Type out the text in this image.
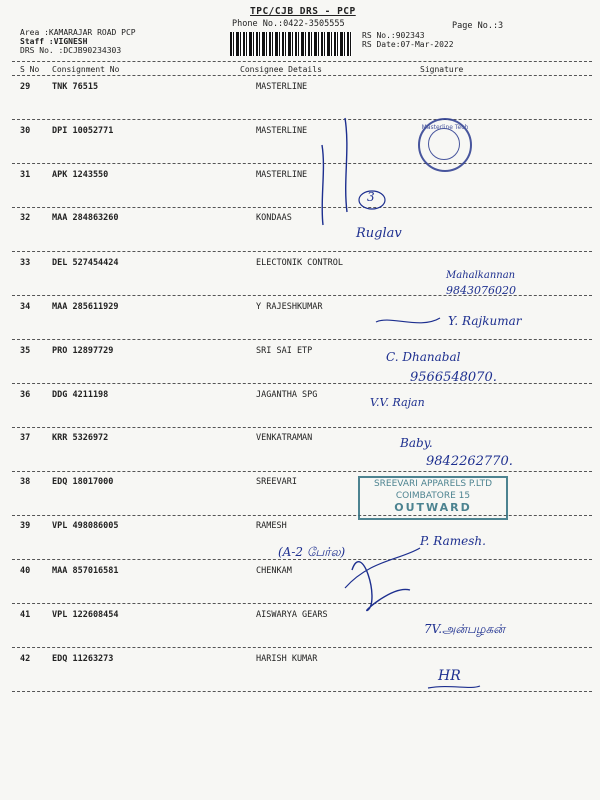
TPC/CJB DRS - PCP
Phone No.:0422-3505555	Page No.:3
Area :KAMARAJAR ROAD PCP
Staff :VIGNESH
DRS No. :DCJB90234303
RS No.:902343
RS Date:07-Mar-2022
S No Consignment No	Consignee Details	Signature
29	TNK 76515	MASTERLINE
30	DPI 10052771	MASTERLINE
31	APK 1243550	MASTERLINE
32	MAA 284863260	KONDAAS
33	DEL 527454424	ELECTONIK CONTROL
34	MAA 285611929	Y RAJESHKUMAR
35	PRO 12897729	SRI SAI ETP
36	DDG 4211198	JAGANTHA SPG
37	KRR 5326972	VENKATRAMAN
38	EDQ 18017000	SREEVARI
39	VPL 498086005	RAMESH
40	MAA 857016581	CHENKAM
41	VPL 122608454	AISWARYA GEARS
42	EDQ 11263273	HARISH KUMAR
Masterline Tech
SREEVARI APPARELS P.LTD
COIMBATORE 15
OUTWARD
3
Ruglav
Mahalkannan
9843076020
Y. Rajkumar
C. Dhanabal
9566548070.
V.V. Rajan
Baby.
9842262770.
P. Ramesh.
(A-2 பேர்ல)
7V.அன்பழகன்
HR
